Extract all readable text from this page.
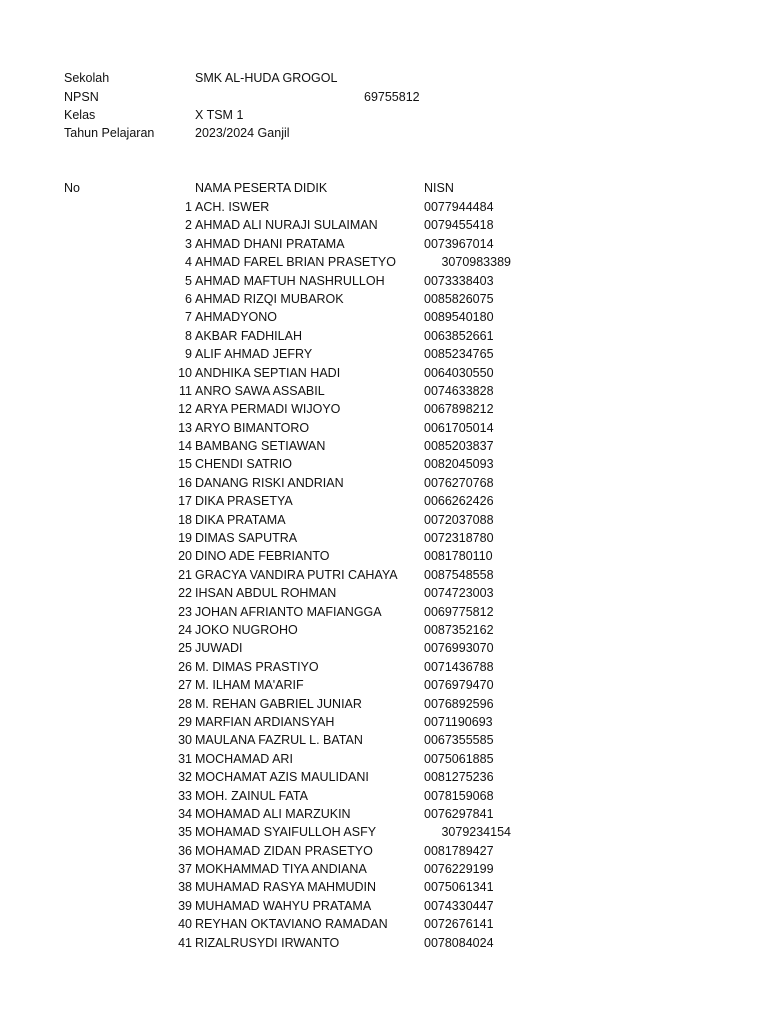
Sekolah	SMK AL-HUDA GROGOL
NPSN	69755812
Kelas	X TSM 1
Tahun Pelajaran	2023/2024 Ganjil
No	NAMA PESERTA DIDIK	NISN
1 ACH. ISWER	0077944484
2 AHMAD ALI NURAJI SULAIMAN	0079455418
3 AHMAD DHANI PRATAMA	0073967014
4 AHMAD FAREL BRIAN PRASETYO	3070983389
5 AHMAD MAFTUH NASHRULLOH	0073338403
6 AHMAD RIZQI MUBAROK	0085826075
7 AHMADYONO	0089540180
8 AKBAR FADHILAH	0063852661
9 ALIF AHMAD JEFRY	0085234765
10 ANDHIKA SEPTIAN HADI	0064030550
11 ANRO SAWA ASSABIL	0074633828
12 ARYA PERMADI WIJOYO	0067898212
13 ARYO BIMANTORO	0061705014
14 BAMBANG SETIAWAN	0085203837
15 CHENDI SATRIO	0082045093
16 DANANG RISKI ANDRIAN	0076270768
17 DIKA PRASETYA	0066262426
18 DIKA PRATAMA	0072037088
19 DIMAS SAPUTRA	0072318780
20 DINO ADE FEBRIANTO	0081780110
21 GRACYA VANDIRA PUTRI CAHAYA 0087548558
22 IHSAN ABDUL ROHMAN	0074723003
23 JOHAN AFRIANTO MAFIANGGA	0069775812
24 JOKO NUGROHO	0087352162
25 JUWADI	0076993070
26 M. DIMAS PRASTIYO	0071436788
27 M. ILHAM MA'ARIF	0076979470
28 M. REHAN GABRIEL JUNIAR	0076892596
29 MARFIAN ARDIANSYAH	0071190693
30 MAULANA FAZRUL L. BATAN	0067355585
31 MOCHAMAD ARI	0075061885
32 MOCHAMAT AZIS MAULIDANI	0081275236
33 MOH. ZAINUL FATA	0078159068
34 MOHAMAD ALI MARZUKIN	0076297841
35 MOHAMAD SYAIFULLOH ASFY	3079234154
36 MOHAMAD ZIDAN PRASETYO	0081789427
37 MOKHAMMAD TIYA ANDIANA	0076229199
38 MUHAMAD RASYA MAHMUDIN	0075061341
39 MUHAMAD WAHYU PRATAMA	0074330447
40 REYHAN OKTAVIANO RAMADAN	0072676141
41 RIZALRUSYDI IRWANTO	0078084024
